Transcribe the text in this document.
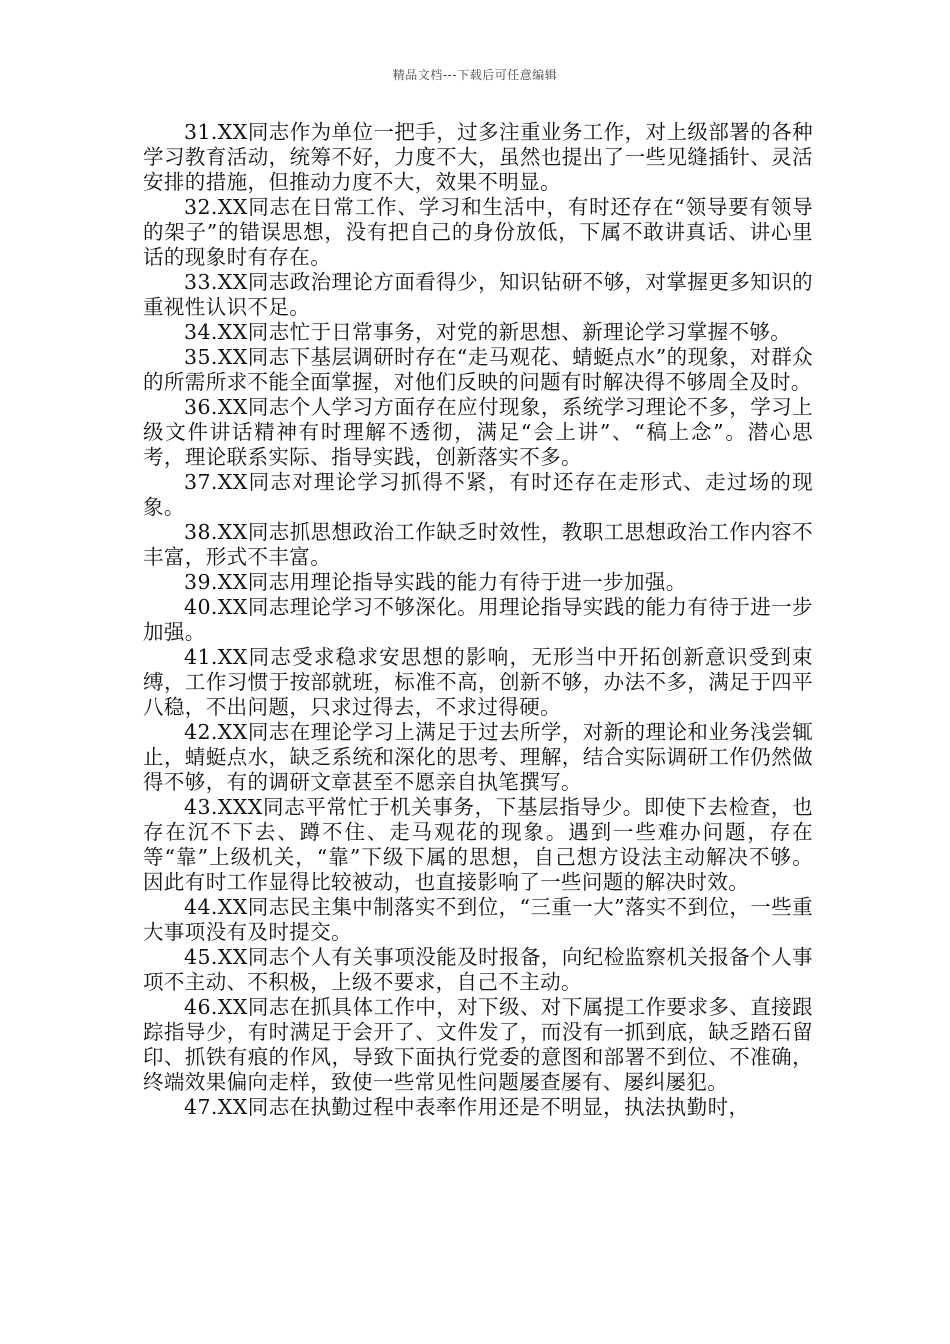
精品文档---下载后可任意编辑

31.XX同志作为单位一把手，过多注重业务工作，对上级部署的各种学习教育活动，统筹不好，力度不大，虽然也提出了一些见缝插针、灵活安排的措施，但推动力度不大，效果不明显。

32.XX同志在日常工作、学习和生活中，有时还存在“领导要有领导的架子”的错误思想，没有把自己的身份放低，下属不敢讲真话、讲心里话的现象时有存在。

33.XX同志政治理论方面看得少，知识钻研不够，对掌握更多知识的重视性认识不足。

34.XX同志忙于日常事务，对党的新思想、新理论学习掌握不够。

35.XX同志下基层调研时存在“走马观花、蜻蜓点水”的现象，对群众的所需所求不能全面掌握，对他们反映的问题有时解决得不够周全及时。

36.XX同志个人学习方面存在应付现象，系统学习理论不多，学习上级文件讲话精神有时理解不透彻，满足“会上讲”、“稿上念”。潜心思考，理论联系实际、指导实践，创新落实不多。

37.XX同志对理论学习抓得不紧，有时还存在走形式、走过场的现象。

38.XX同志抓思想政治工作缺乏时效性，教职工思想政治工作内容不丰富，形式不丰富。

39.XX同志用理论指导实践的能力有待于进一步加强。

40.XX同志理论学习不够深化。用理论指导实践的能力有待于进一步加强。

41.XX同志受求稳求安思想的影响，无形当中开拓创新意识受到束缚，工作习惯于按部就班，标准不高，创新不够，办法不多，满足于四平八稳，不出问题，只求过得去，不求过得硬。

42.XX同志在理论学习上满足于过去所学，对新的理论和业务浅尝辄止，蜻蜓点水，缺乏系统和深化的思考、理解，结合实际调研工作仍然做得不够，有的调研文章甚至不愿亲自执笔撰写。

43.XXX同志平常忙于机关事务，下基层指导少。即使下去检查，也存在沉不下去、蹲不住、走马观花的现象。遇到一些难办问题，存在等“靠”上级机关，“靠”下级下属的思想，自己想方设法主动解决不够。因此有时工作显得比较被动，也直接影响了一些问题的解决时效。

44.XX同志民主集中制落实不到位，“三重一大”落实不到位，一些重大事项没有及时提交。

45.XX同志个人有关事项没能及时报备，向纪检监察机关报备个人事项不主动、不积极，上级不要求，自己不主动。

46.XX同志在抓具体工作中，对下级、对下属提工作要求多、直接跟踪指导少，有时满足于会开了、文件发了，而没有一抓到底，缺乏踏石留印、抓铁有痕的作风，导致下面执行党委的意图和部署不到位、不准确，终端效果偏向走样，致使一些常见性问题屡查屡有、屡纠屡犯。

47.XX同志在执勤过程中表率作用还是不明显，执法执勤时，
